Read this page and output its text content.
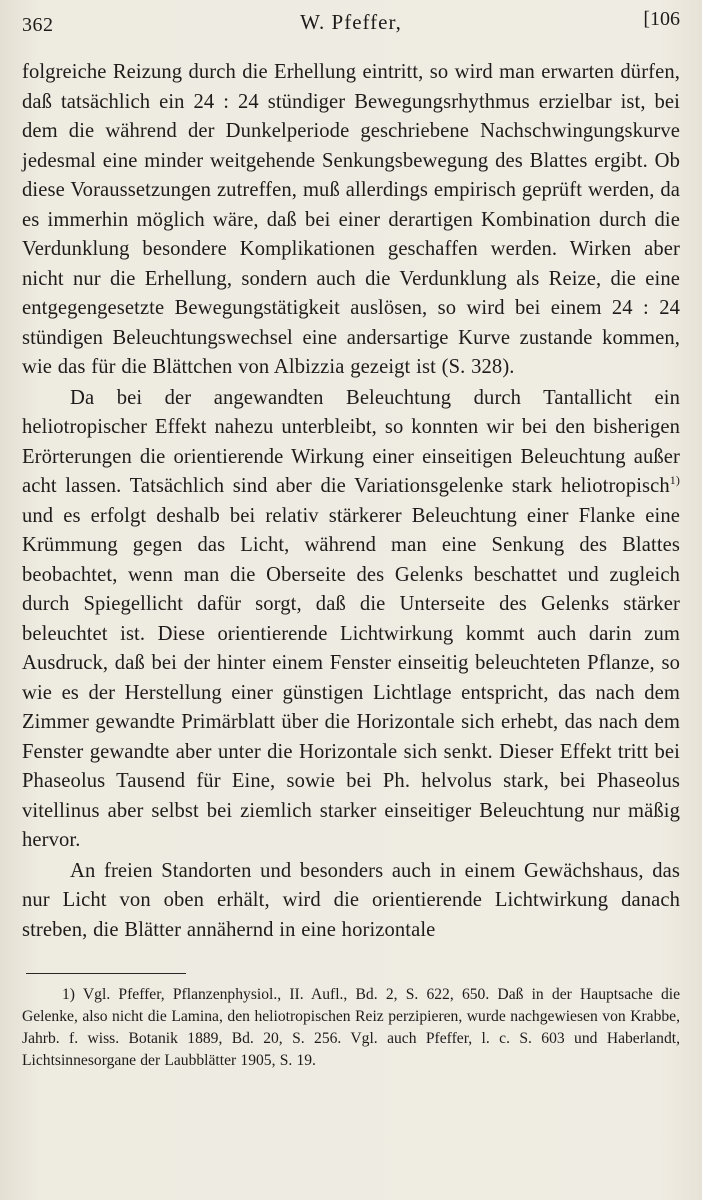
362	W. Pfeffer,	[106

folgreiche Reizung durch die Erhellung eintritt, so wird man erwarten dürfen, daß tatsächlich ein 24 : 24 stündiger Bewegungsrhythmus erzielbar ist, bei dem die während der Dunkelperiode geschriebene Nachschwingungskurve jedesmal eine minder weitgehende Senkungsbewegung des Blattes ergibt. Ob diese Voraussetzungen zutreffen, muß allerdings empirisch geprüft werden, da es immerhin möglich wäre, daß bei einer derartigen Kombination durch die Verdunklung besondere Komplikationen geschaffen werden. Wirken aber nicht nur die Erhellung, sondern auch die Verdunklung als Reize, die eine entgegengesetzte Bewegungstätigkeit auslösen, so wird bei einem 24 : 24 stündigen Beleuchtungswechsel eine andersartige Kurve zustande kommen, wie das für die Blättchen von Albizzia gezeigt ist (S. 328).

Da bei der angewandten Beleuchtung durch Tantallicht ein heliotropischer Effekt nahezu unterbleibt, so konnten wir bei den bisherigen Erörterungen die orientierende Wirkung einer einseitigen Beleuchtung außer acht lassen. Tatsächlich sind aber die Variationsgelenke stark heliotropisch$^{1)}$ und es erfolgt deshalb bei relativ stärkerer Beleuchtung einer Flanke eine Krümmung gegen das Licht, während man eine Senkung des Blattes beobachtet, wenn man die Oberseite des Gelenks beschattet und zugleich durch Spiegellicht dafür sorgt, daß die Unterseite des Gelenks stärker beleuchtet ist. Diese orientierende Lichtwirkung kommt auch darin zum Ausdruck, daß bei der hinter einem Fenster einseitig beleuchteten Pflanze, so wie es der Herstellung einer günstigen Lichtlage entspricht, das nach dem Zimmer gewandte Primärblatt über die Horizontale sich erhebt, das nach dem Fenster gewandte aber unter die Horizontale sich senkt. Dieser Effekt tritt bei Phaseolus Tausend für Eine, sowie bei Ph. helvolus stark, bei Phaseolus vitellinus aber selbst bei ziemlich starker einseitiger Beleuchtung nur mäßig hervor.

An freien Standorten und besonders auch in einem Gewächshaus, das nur Licht von oben erhält, wird die orientierende Lichtwirkung danach streben, die Blätter annähernd in eine horizontale

1) Vgl. Pfeffer, Pflanzenphysiol., II. Aufl., Bd. 2, S. 622, 650. Daß in der Hauptsache die Gelenke, also nicht die Lamina, den heliotropischen Reiz perzipieren, wurde nachgewiesen von Krabbe, Jahrb. f. wiss. Botanik 1889, Bd. 20, S. 256. Vgl. auch Pfeffer, l. c. S. 603 und Haberlandt, Lichtsinnesorgane der Laubblätter 1905, S. 19.
